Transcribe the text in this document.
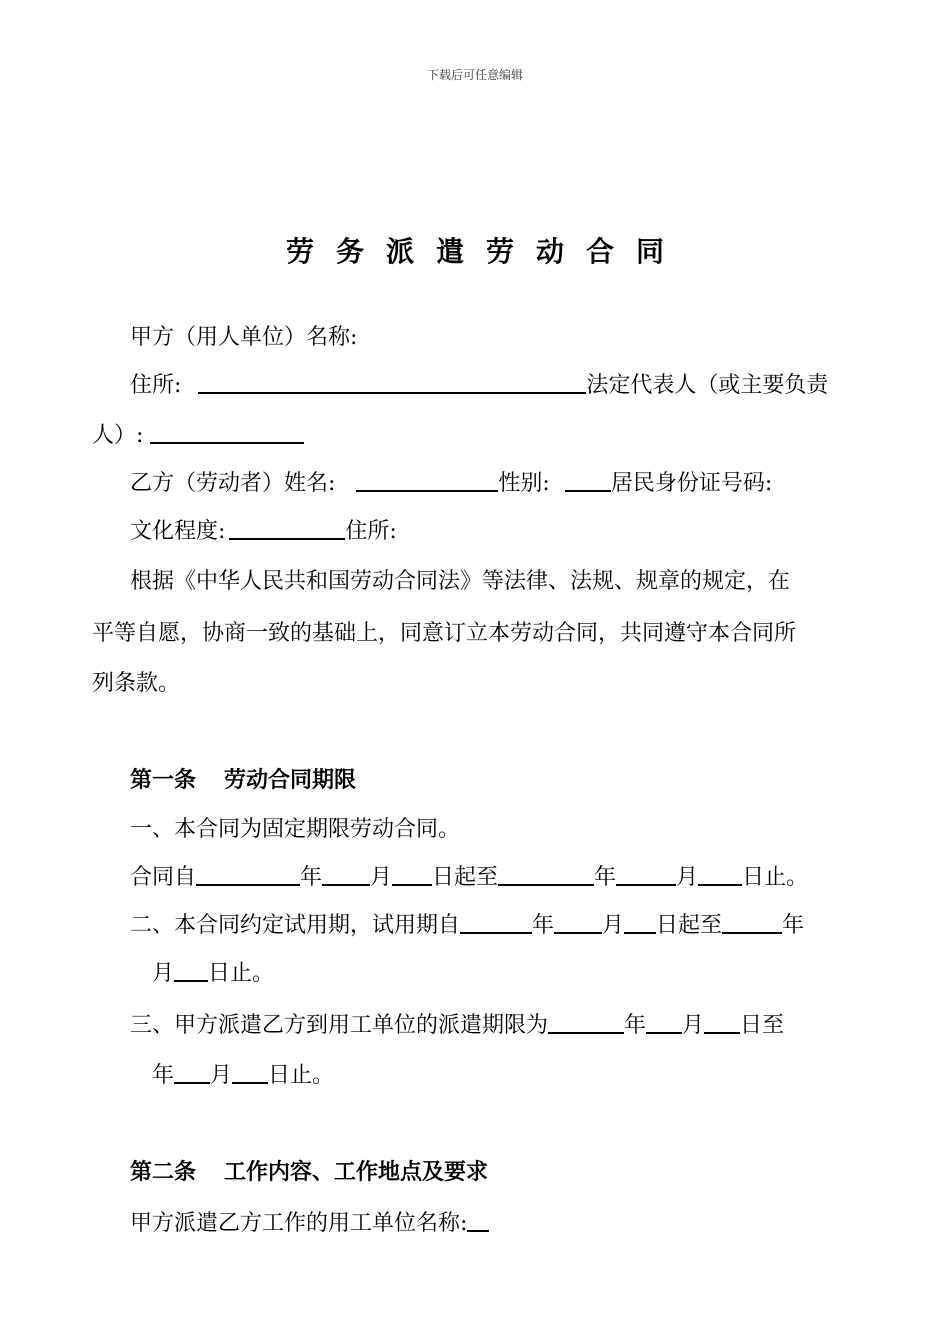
下载后可任意编辑
劳务派遣劳动合同
甲方（用人单位）名称:
住所:	法定代表人（或主要负责
人）:
乙方（劳动者）姓名:	性别:	居民身份证号码:
文化程度:	住所:
根据《中华人民共和国劳动合同法》等法律、法规、规章的规定，在
平等自愿，协商一致的基础上，同意订立本劳动合同，共同遵守本合同所
列条款。
第一条 劳动合同期限
一、本合同为固定期限劳动合同。
合同自	年 月 日起至	年	月 日止。
二、本合同约定试用期，试用期自	年 月 日起至	年
月 日止。
三、甲方派遣乙方到用工单位的派遣期限为	年 月 日至
年 月 日止。
第二条 工作内容、工作地点及要求
甲方派遣乙方工作的用工单位名称:
